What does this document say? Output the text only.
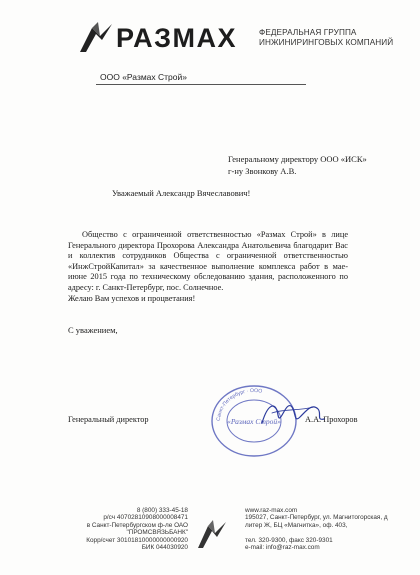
РАЗМАХ	ФЕДЕРАЛЬНАЯ ГРУППА
ИНЖИНИРИНГОВЫХ КОМПАНИЙ
ООО «Размах Строй»
Генеральному директору ООО «ИСК»
г-ну Звонкову А.В.
Уважаемый Александр Вячеславович!

Общество с ограниченной ответственностью «Размах Строй» в лице Генерального директора Прохорова Александра Анатольевича благодарит Вас и коллектив сотрудников Общества с ограниченной ответственностью «ИнжСтройКапитал» за качественное выполнение комплекса работ в мае-июне 2015 года по техническому обследованию здания, расположенного по адресу: г. Санкт-Петербург, пос. Солнечное.

Желаю Вам успехов и процветания!

С уважением,
Генеральный директор	А.А. Прохоров
Санкт-Петербург · ООО
«Размах Строй»
8 (800) 333-45-18
р/сч 40702810908000008471
в Санкт-Петербургском ф-ле ОАО
"ПРОМСВЯЗЬБАНК"
Корр/счет 30101810000000000920
БИК 044030920
www.raz-max.com
195027, Санкт-Петербург, ул. Магнитогорская, д
литер Ж, БЦ «Магнитка», оф. 403,

тел. 320-9300, факс 320-9301
e-mail: info@raz-max.com
